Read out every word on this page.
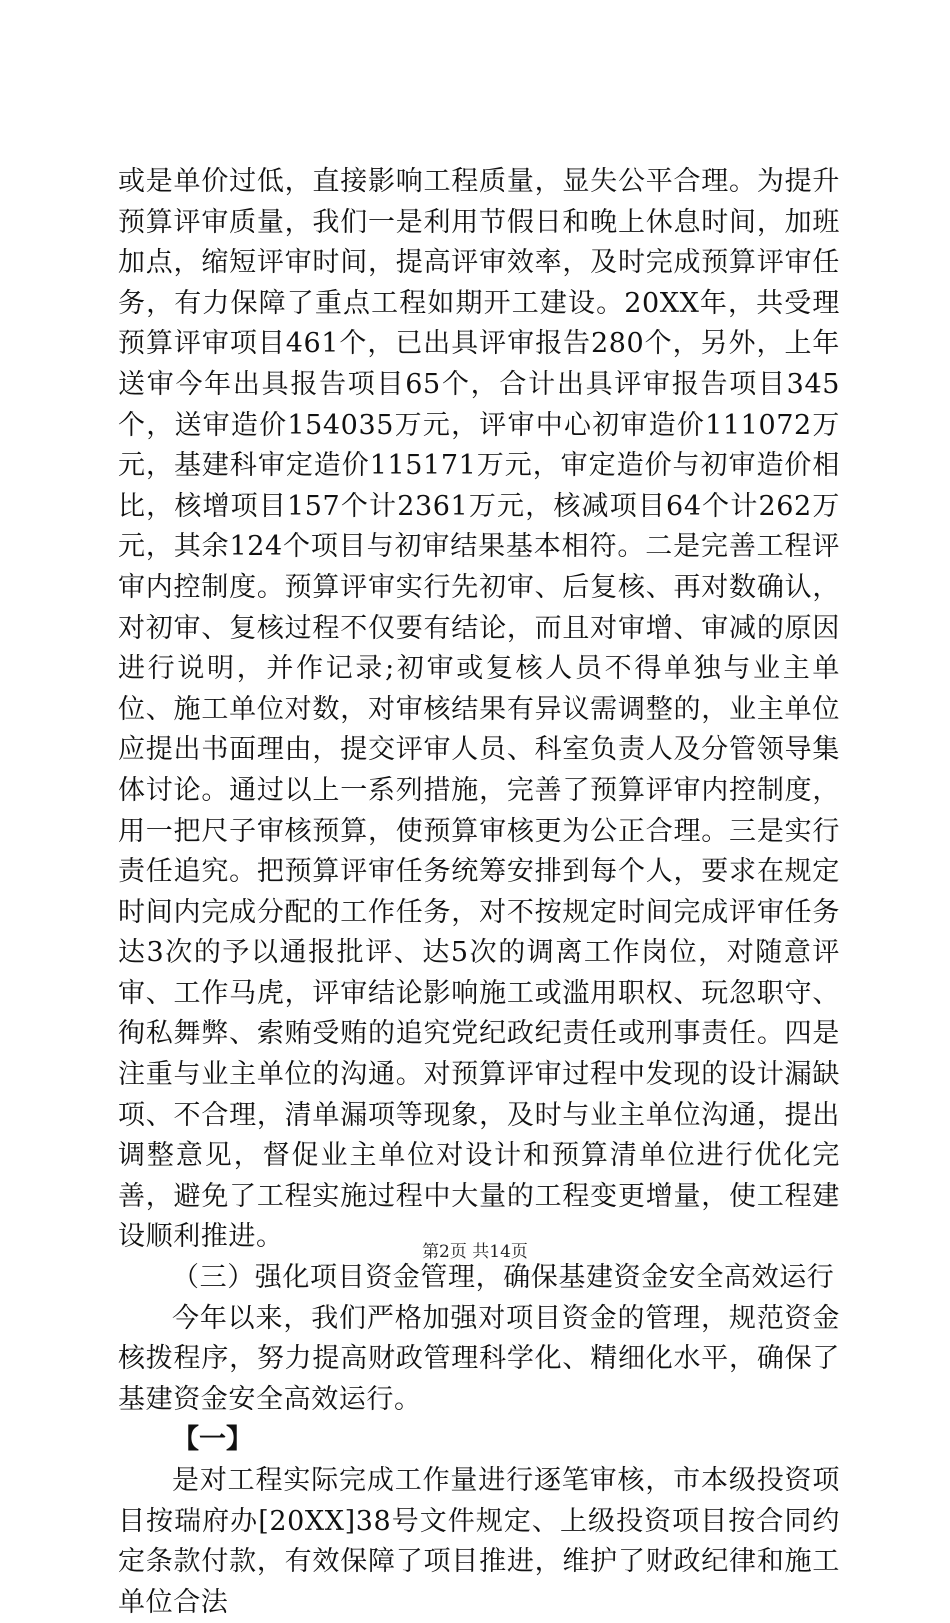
或是单价过低，直接影响工程质量，显失公平合理。为提升预算评审质量，我们一是利用节假日和晚上休息时间，加班加点，缩短评审时间，提高评审效率，及时完成预算评审任务，有力保障了重点工程如期开工建设。20XX年，共受理预算评审项目461个，已出具评审报告280个，另外，上年送审今年出具报告项目65个，合计出具评审报告项目345个，送审造价154035万元，评审中心初审造价111072万元，基建科审定造价115171万元，审定造价与初审造价相比，核增项目157个计2361万元，核减项目64个计262万元，其余124个项目与初审结果基本相符。二是完善工程评审内控制度。预算评审实行先初审、后复核、再对数确认，对初审、复核过程不仅要有结论，而且对审增、审减的原因进行说明，并作记录;初审或复核人员不得单独与业主单位、施工单位对数，对审核结果有异议需调整的，业主单位应提出书面理由，提交评审人员、科室负责人及分管领导集体讨论。通过以上一系列措施，完善了预算评审内控制度，用一把尺子审核预算，使预算审核更为公正合理。三是实行责任追究。把预算评审任务统筹安排到每个人，要求在规定时间内完成分配的工作任务，对不按规定时间完成评审任务达3次的予以通报批评、达5次的调离工作岗位，对随意评审、工作马虎，评审结论影响施工或滥用职权、玩忽职守、徇私舞弊、索贿受贿的追究党纪政纪责任或刑事责任。四是注重与业主单位的沟通。对预算评审过程中发现的设计漏缺项、不合理，清单漏项等现象，及时与业主单位沟通，提出调整意见，督促业主单位对设计和预算清单位进行优化完善，避免了工程实施过程中大量的工程变更增量，使工程建设顺利推进。

（三）强化项目资金管理，确保基建资金安全高效运行

今年以来，我们严格加强对项目资金的管理，规范资金核拨程序，努力提高财政管理科学化、精细化水平，确保了基建资金安全高效运行。

【一】

是对工程实际完成工作量进行逐笔审核，市本级投资项目按瑞府办[20XX]38号文件规定、上级投资项目按合同约定条款付款，有效保障了项目推进，维护了财政纪律和施工单位合法

第2页 共14页
